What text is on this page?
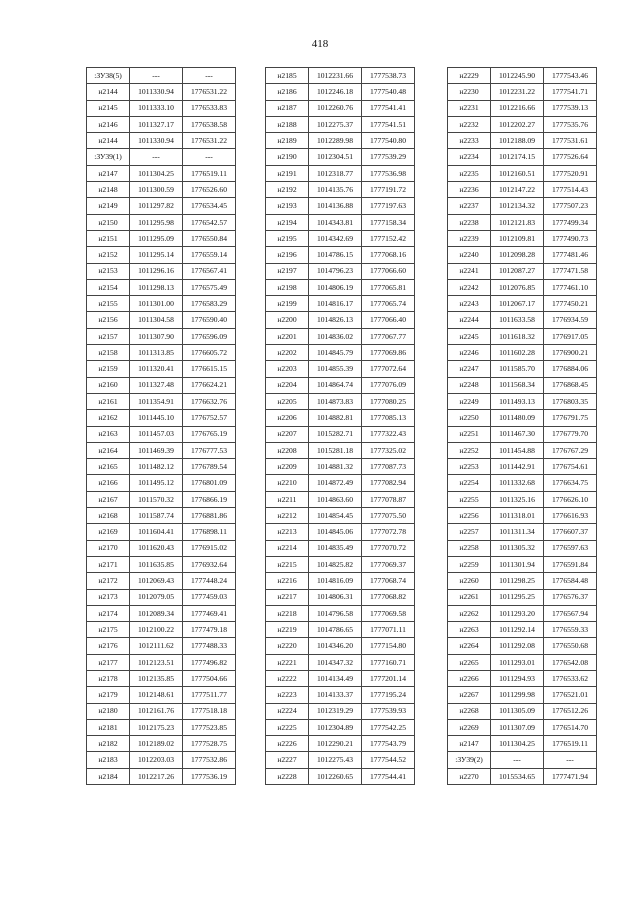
418
:ЗУ38(5)	---	---
н2144	1011330.94	1776531.22
н2145	1011333.10	1776533.83
н2146	1011327.17	1776538.58
н2144	1011330.94	1776531.22
:ЗУ39(1)	---	---
н2147	1011304.25	1776519.11
н2148	1011300.59	1776526.60
н2149	1011297.82	1776534.45
н2150	1011295.98	1776542.57
н2151	1011295.09	1776550.84
н2152	1011295.14	1776559.14
н2153	1011296.16	1776567.41
н2154	1011298.13	1776575.49
н2155	1011301.00	1776583.29
н2156	1011304.58	1776590.40
н2157	1011307.90	1776596.09
н2158	1011313.85	1776605.72
н2159	1011320.41	1776615.15
н2160	1011327.48	1776624.21
н2161	1011354.91	1776632.76
н2162	1011445.10	1776752.57
н2163	1011457.03	1776765.19
н2164	1011469.39	1776777.53
н2165	1011482.12	1776789.54
н2166	1011495.12	1776801.09
н2167	1011570.32	1776866.19
н2168	1011587.74	1776881.86
н2169	1011604.41	1776898.11
н2170	1011620.43	1776915.02
н2171	1011635.85	1776932.64
н2172	1012069.43	1777448.24
н2173	1012079.05	1777459.03
н2174	1012089.34	1777469.41
н2175	1012100.22	1777479.18
н2176	1012111.62	1777488.33
н2177	1012123.51	1777496.82
н2178	1012135.85	1777504.66
н2179	1012148.61	1777511.77
н2180	1012161.76	1777518.18
н2181	1012175.23	1777523.85
н2182	1012189.02	1777528.75
н2183	1012203.03	1777532.86
н2184	1012217.26	1777536.19
н2185	1012231.66	1777538.73
н2186	1012246.18	1777540.48
н2187	1012260.76	1777541.41
н2188	1012275.37	1777541.51
н2189	1012289.98	1777540.80
н2190	1012304.51	1777539.29
н2191	1012318.77	1777536.98
н2192	1014135.76	1777191.72
н2193	1014136.88	1777197.63
н2194	1014343.81	1777158.34
н2195	1014342.69	1777152.42
н2196	1014786.15	1777068.16
н2197	1014796.23	1777066.60
н2198	1014806.19	1777065.81
н2199	1014816.17	1777065.74
н2200	1014826.13	1777066.40
н2201	1014836.02	1777067.77
н2202	1014845.79	1777069.86
н2203	1014855.39	1777072.64
н2204	1014864.74	1777076.09
н2205	1014873.83	1777080.25
н2206	1014882.81	1777085.13
н2207	1015282.71	1777322.43
н2208	1015281.18	1777325.02
н2209	1014881.32	1777087.73
н2210	1014872.49	1777082.94
н2211	1014863.60	1777078.87
н2212	1014854.45	1777075.50
н2213	1014845.06	1777072.78
н2214	1014835.49	1777070.72
н2215	1014825.82	1777069.37
н2216	1014816.09	1777068.74
н2217	1014806.31	1777068.82
н2218	1014796.58	1777069.58
н2219	1014786.65	1777071.11
н2220	1014346.20	1777154.80
н2221	1014347.32	1777160.71
н2222	1014134.49	1777201.14
н2223	1014133.37	1777195.24
н2224	1012319.29	1777539.93
н2225	1012304.89	1777542.25
н2226	1012290.21	1777543.79
н2227	1012275.43	1777544.52
н2228	1012260.65	1777544.41
н2229	1012245.90	1777543.46
н2230	1012231.22	1777541.71
н2231	1012216.66	1777539.13
н2232	1012202.27	1777535.76
н2233	1012188.09	1777531.61
н2234	1012174.15	1777526.64
н2235	1012160.51	1777520.91
н2236	1012147.22	1777514.43
н2237	1012134.32	1777507.23
н2238	1012121.83	1777499.34
н2239	1012109.81	1777490.73
н2240	1012098.28	1777481.46
н2241	1012087.27	1777471.58
н2242	1012076.85	1777461.10
н2243	1012067.17	1777450.21
н2244	1011633.58	1776934.59
н2245	1011618.32	1776917.05
н2246	1011602.28	1776900.21
н2247	1011585.70	1776884.06
н2248	1011568.34	1776868.45
н2249	1011493.13	1776803.35
н2250	1011480.09	1776791.75
н2251	1011467.30	1776779.70
н2252	1011454.88	1776767.29
н2253	1011442.91	1776754.61
н2254	1011332.68	1776634.75
н2255	1011325.16	1776626.10
н2256	1011318.01	1776616.93
н2257	1011311.34	1776607.37
н2258	1011305.32	1776597.63
н2259	1011301.94	1776591.84
н2260	1011298.25	1776584.48
н2261	1011295.25	1776576.37
н2262	1011293.20	1776567.94
н2263	1011292.14	1776559.33
н2264	1011292.08	1776550.68
н2265	1011293.01	1776542.08
н2266	1011294.93	1776533.62
н2267	1011299.98	1776521.01
н2268	1011305.09	1776512.26
н2269	1011307.09	1776514.70
н2147	1011304.25	1776519.11
:ЗУ39(2)	---	---
н2270	1015534.65	1777471.94
